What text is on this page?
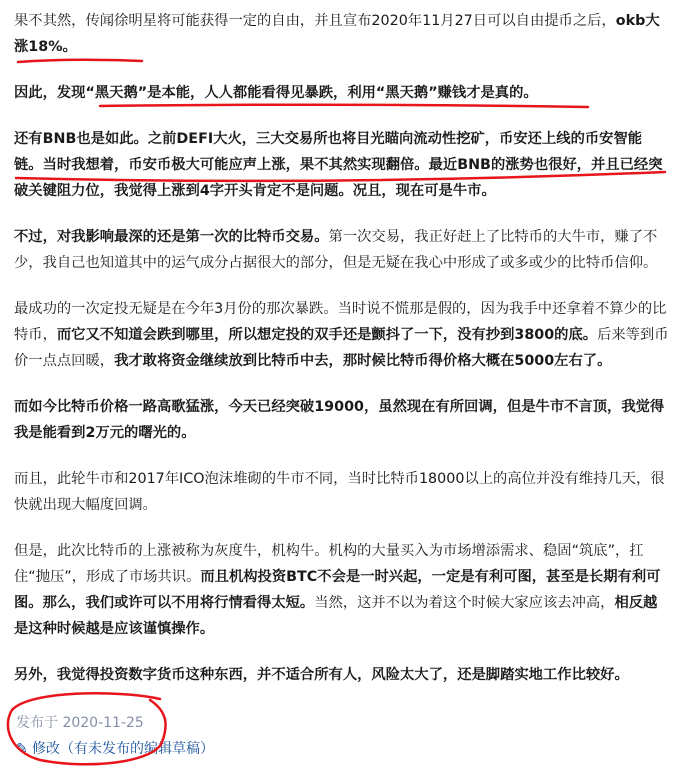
果不其然，传闻徐明星将可能获得一定的自由，并且宣布2020年11月27日可以自由提币之后，okb大涨18%。

因此，发现“黑天鹅”是本能，人人都能看得见暴跌，利用“黑天鹅”赚钱才是真的。

还有BNB也是如此。之前DEFI大火，三大交易所也将目光瞄向流动性挖矿，币安还上线的币安智能链。当时我想着，币安币极大可能应声上涨，果不其然实现翻倍。最近BNB的涨势也很好，并且已经突破关键阻力位，我觉得上涨到4字开头肯定不是问题。况且，现在可是牛市。

不过，对我影响最深的还是第一次的比特币交易。第一次交易，我正好赶上了比特币的大牛市，赚了不少，我自己也知道其中的运气成分占据很大的部分，但是无疑在我心中形成了或多或少的比特币信仰。

最成功的一次定投无疑是在今年3月份的那次暴跌。当时说不慌那是假的，因为我手中还拿着不算少的比特币，而它又不知道会跌到哪里，所以想定投的双手还是颤抖了一下，没有抄到3800的底。后来等到币价一点点回暖，我才敢将资金继续放到比特币中去，那时候比特币得价格大概在5000左右了。

而如今比特币价格一路高歌猛涨，今天已经突破19000，虽然现在有所回调，但是牛市不言顶，我觉得我是能看到2万元的曙光的。

而且，此轮牛市和2017年ICO泡沫堆砌的牛市不同，当时比特币18000以上的高位并没有维持几天，很快就出现大幅度回调。

但是，此次比特币的上涨被称为灰度牛，机构牛。机构的大量买入为市场增添需求、稳固“筑底”，扛住“抛压”，形成了市场共识。而且机构投资BTC不会是一时兴起，一定是有利可图，甚至是长期有利可图。那么，我们或许可以不用将行情看得太短。当然，这并不以为着这个时候大家应该去冲高，相反越是这种时候越是应该谨慎操作。

另外，我觉得投资数字货币这种东西，并不适合所有人，风险太大了，还是脚踏实地工作比较好。

发布于 2020-11-25
✎ 修改（有未发布的编辑草稿）
